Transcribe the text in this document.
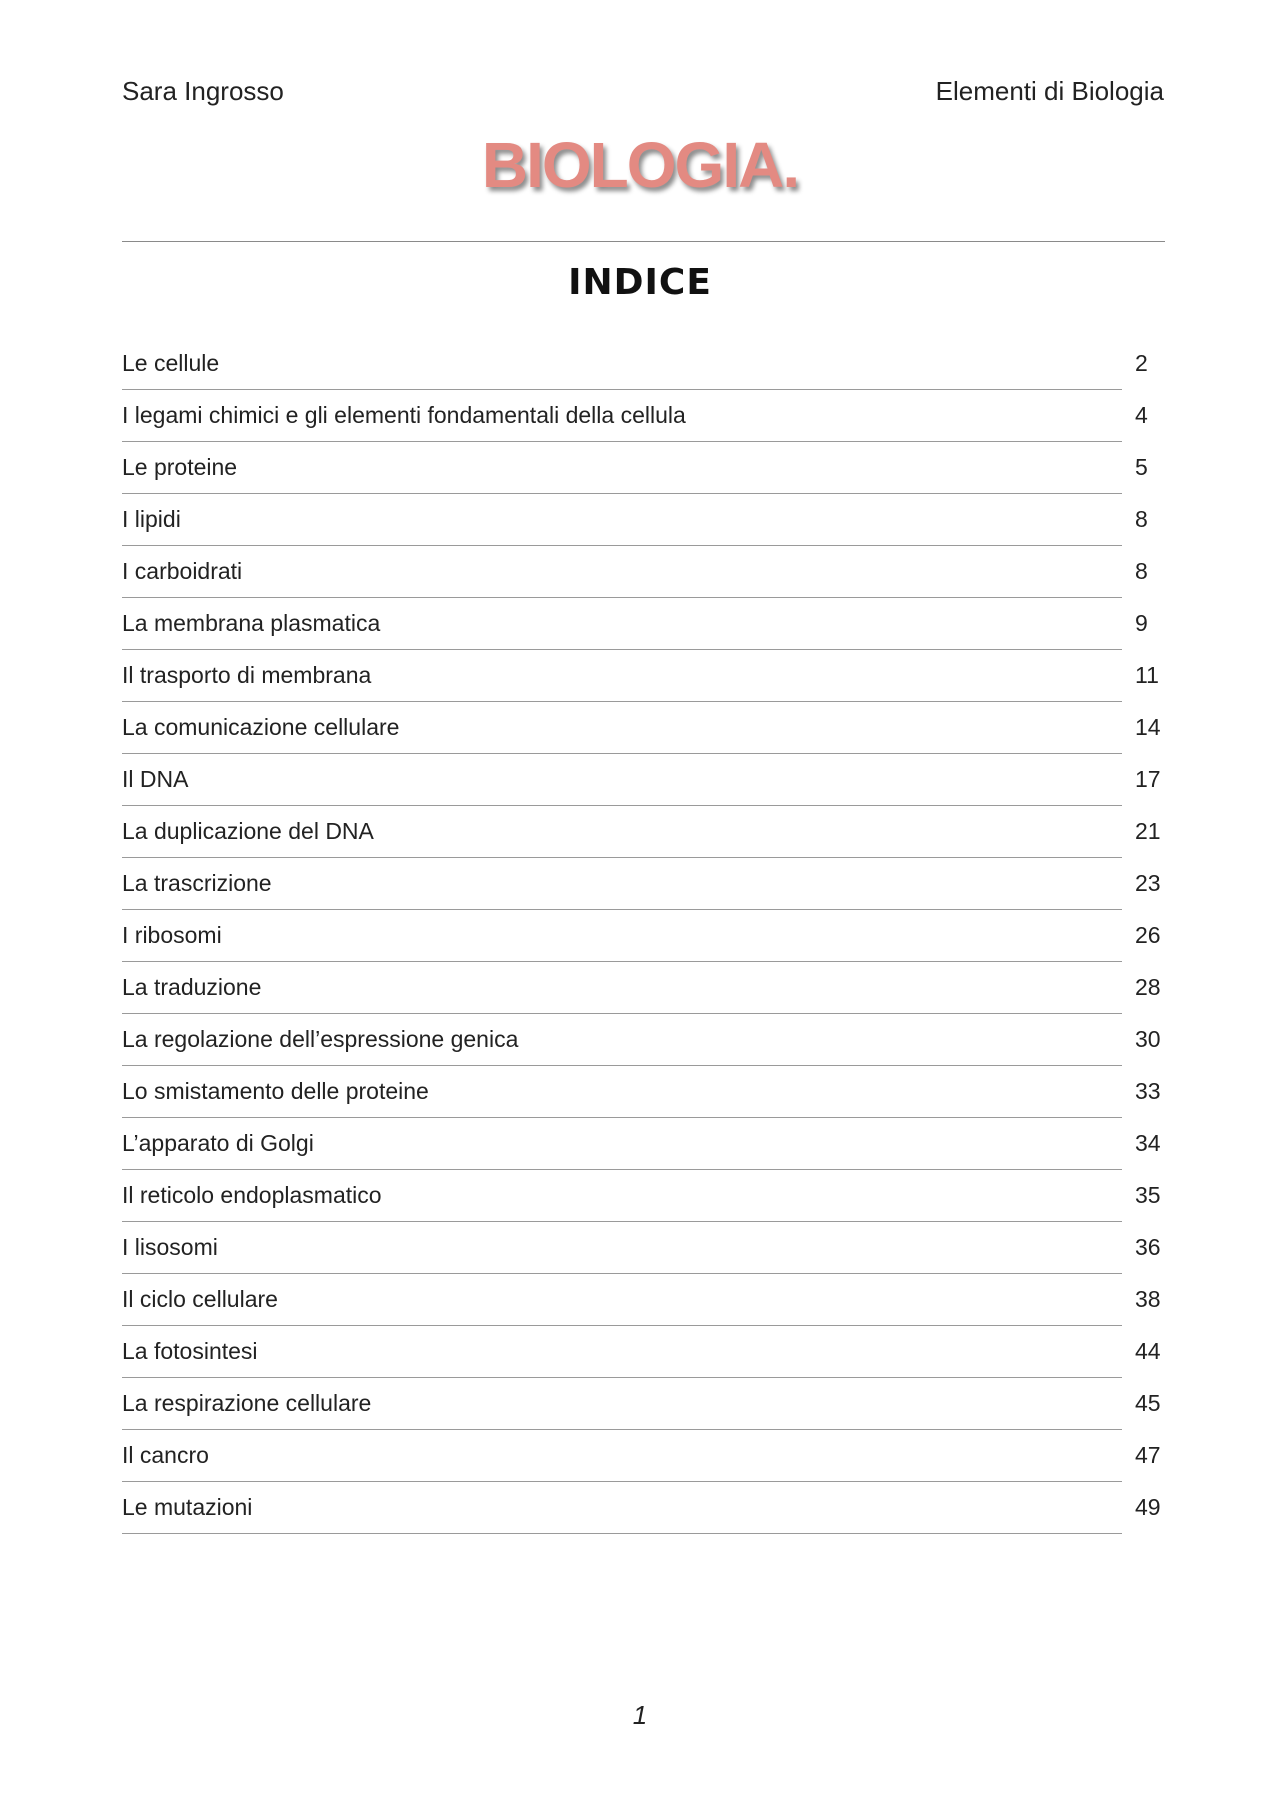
Sara Ingrosso	Elementi di Biologia
BIOLOGIA.
INDICE
Le cellule	2
I legami chimici e gli elementi fondamentali della cellula	4
Le proteine	5
I lipidi	8
I carboidrati	8
La membrana plasmatica	9
Il trasporto di membrana	11
La comunicazione cellulare	14
Il DNA	17
La duplicazione del DNA	21
La trascrizione	23
I ribosomi	26
La traduzione	28
La regolazione dell’espressione genica	30
Lo smistamento delle proteine	33
L’apparato di Golgi	34
Il reticolo endoplasmatico	35
I lisosomi	36
Il ciclo cellulare	38
La fotosintesi	44
La respirazione cellulare	45
Il cancro	47
Le mutazioni	49
1
